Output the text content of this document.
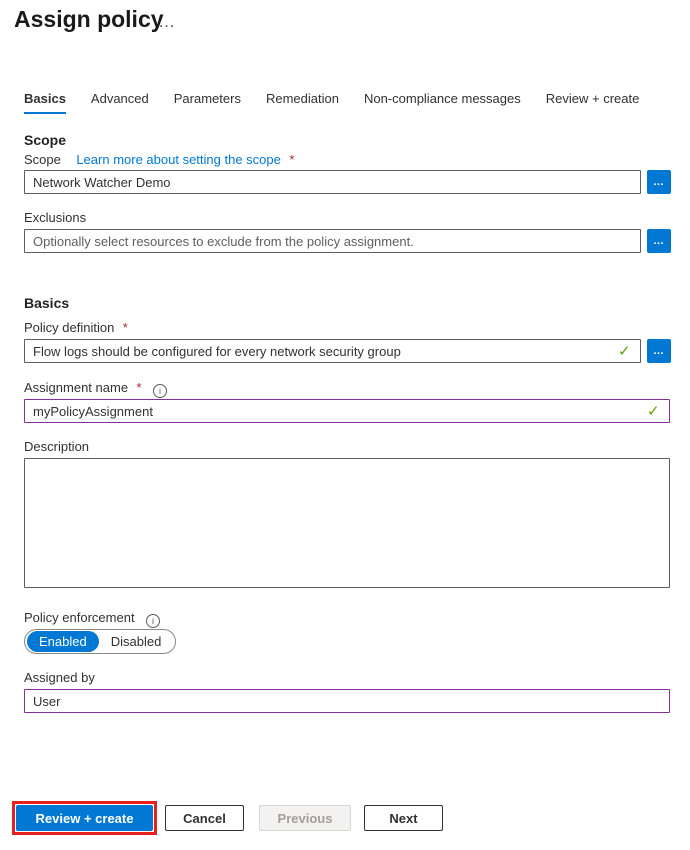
Assign policy
…
Basics Advanced Parameters Remediation Non-compliance messages Review + create
Scope
Scope Learn more about setting the scope *
Network Watcher Demo
…
Exclusions
Optionally select resources to exclude from the policy assignment.
…
Basics
Policy definition *
Flow logs should be configured for every network security group
✓	…
Assignment name * i
myPolicyAssignment
✓
Description
Policy enforcement i
Enabled	Disabled
Assigned by
User
Review + create	Cancel	Previous	Next
